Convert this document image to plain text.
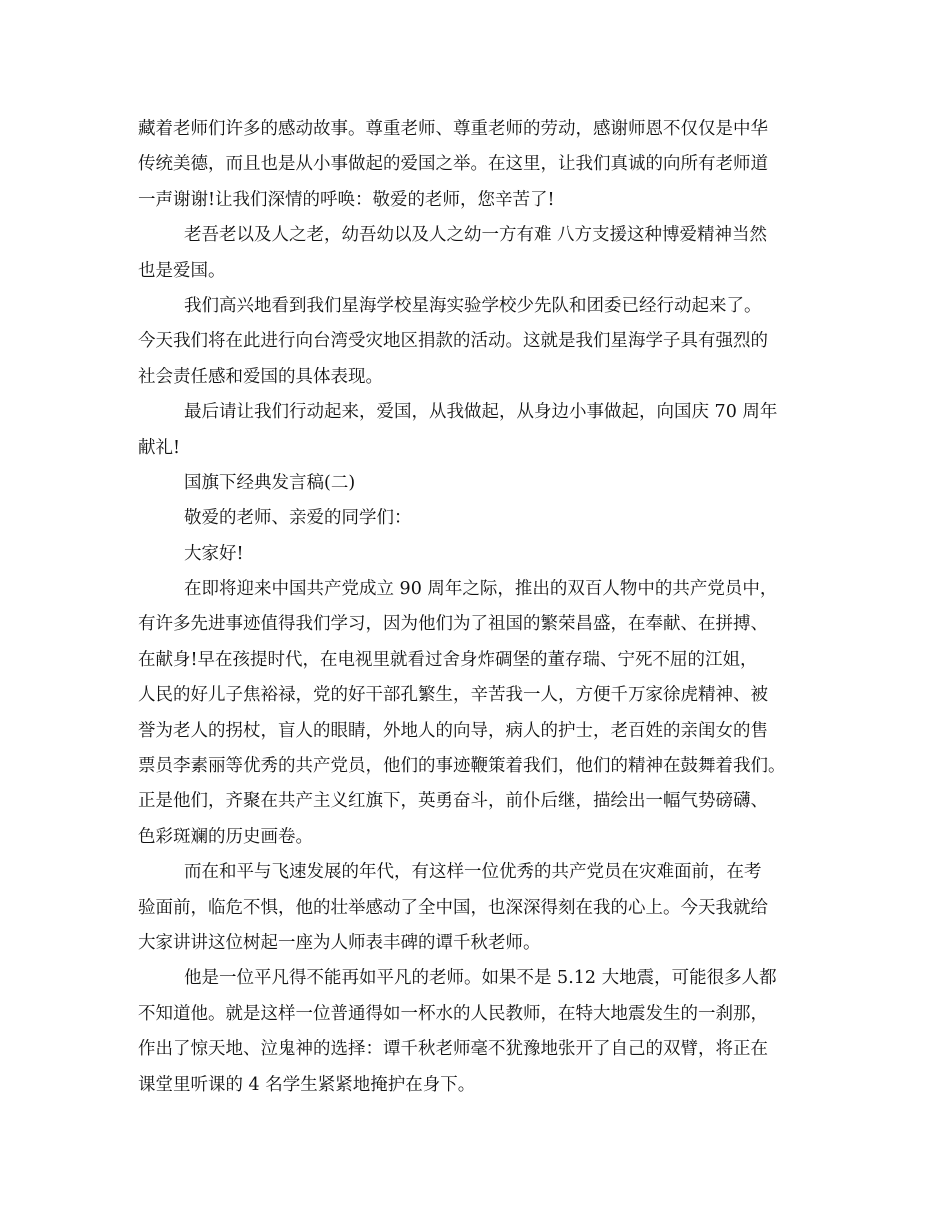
藏着老师们许多的感动故事。尊重老师、尊重老师的劳动，感谢师恩不仅仅是中华
传统美德，而且也是从小事做起的爱国之举。在这里，让我们真诚的向所有老师道
一声谢谢!让我们深情的呼唤：敬爱的老师，您辛苦了!
老吾老以及人之老，幼吾幼以及人之幼一方有难 八方支援这种博爱精神当然
也是爱国。
我们高兴地看到我们星海学校星海实验学校少先队和团委已经行动起来了。
今天我们将在此进行向台湾受灾地区捐款的活动。这就是我们星海学子具有强烈的
社会责任感和爱国的具体表现。
最后请让我们行动起来，爱国，从我做起，从身边小事做起，向国庆 70 周年
献礼!
国旗下经典发言稿(二)
敬爱的老师、亲爱的同学们：
大家好!
在即将迎来中国共产党成立 90 周年之际，推出的双百人物中的共产党员中，
有许多先进事迹值得我们学习，因为他们为了祖国的繁荣昌盛，在奉献、在拼搏、
在献身!早在孩提时代，在电视里就看过舍身炸碉堡的董存瑞、宁死不屈的江姐，
人民的好儿子焦裕禄，党的好干部孔繁生，辛苦我一人，方便千万家徐虎精神、被
誉为老人的拐杖，盲人的眼睛，外地人的向导，病人的护士，老百姓的亲闺女的售
票员李素丽等优秀的共产党员，他们的事迹鞭策着我们，他们的精神在鼓舞着我们。
正是他们，齐聚在共产主义红旗下，英勇奋斗，前仆后继，描绘出一幅气势磅礴、
色彩斑斓的历史画卷。
而在和平与飞速发展的年代，有这样一位优秀的共产党员在灾难面前，在考
验面前，临危不惧，他的壮举感动了全中国，也深深得刻在我的心上。今天我就给
大家讲讲这位树起一座为人师表丰碑的谭千秋老师。
他是一位平凡得不能再如平凡的老师。如果不是 5.12 大地震，可能很多人都
不知道他。就是这样一位普通得如一杯水的人民教师，在特大地震发生的一刹那，
作出了惊天地、泣鬼神的选择：谭千秋老师毫不犹豫地张开了自己的双臂，将正在
课堂里听课的 4 名学生紧紧地掩护在身下。
